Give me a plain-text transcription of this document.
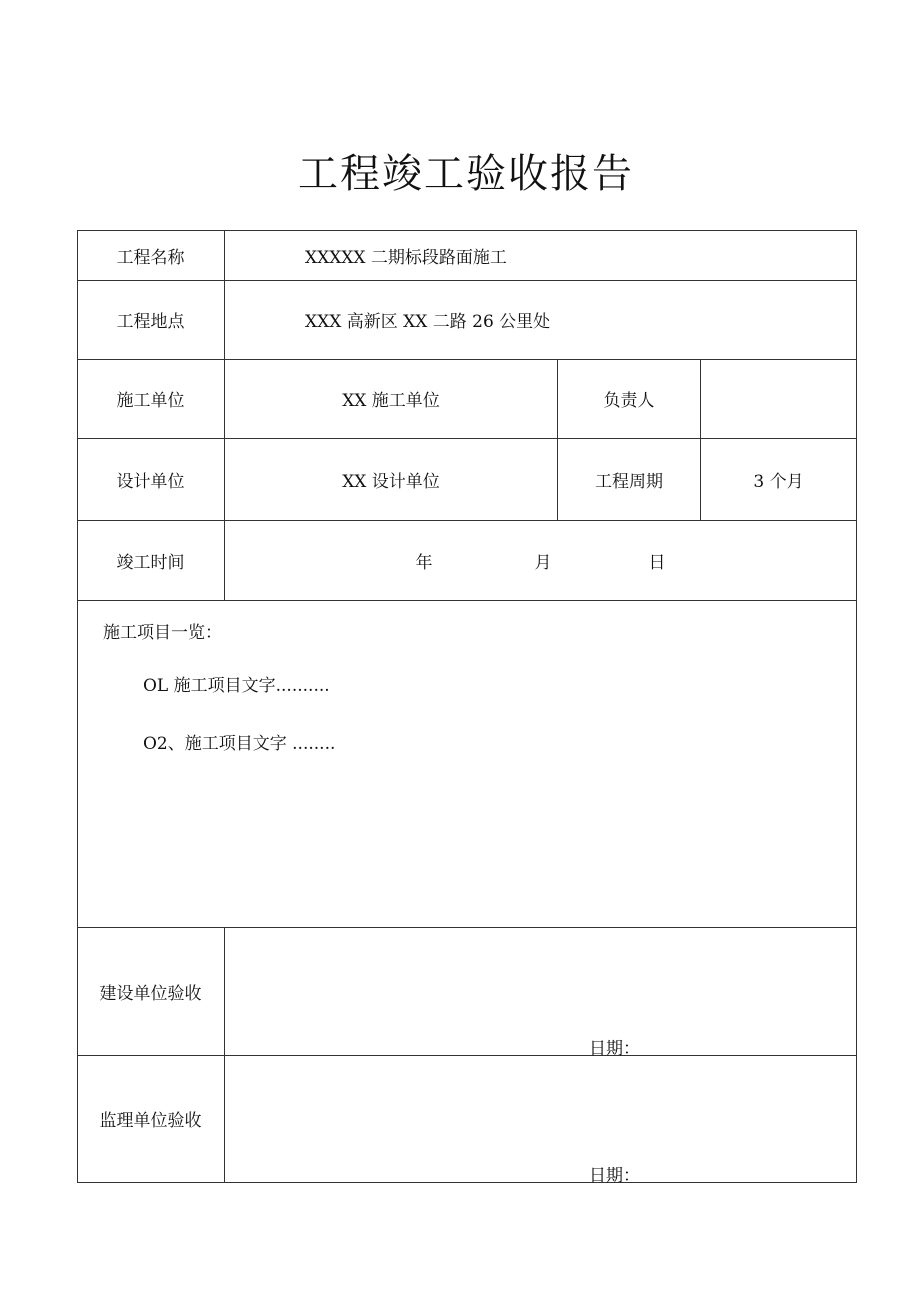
工程竣工验收报告
工程名称	XXXXX 二期标段路面施工
工程地点	XXX 高新区 XX 二路 26 公里处
施工单位	XX 施工单位	负责人
设计单位	XX 设计单位	工程周期	3 个月
竣工时间	年	月	日
施工项目一览：
OL 施工项目文字..........
O2、施工项目文字 ........
建设单位验收
日期：
监理单位验收
日期：
